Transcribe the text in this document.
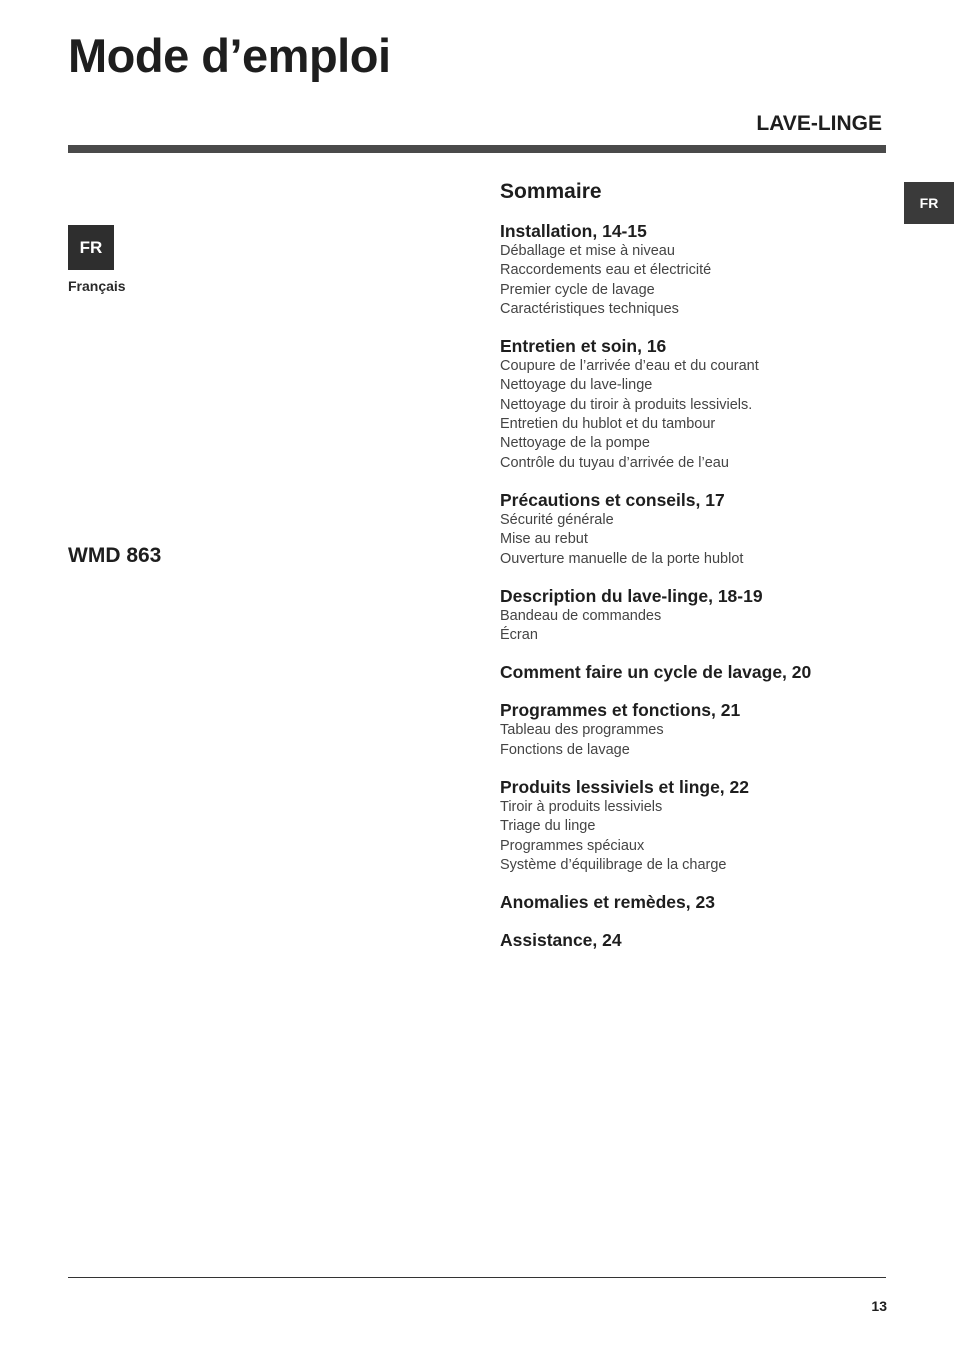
Mode d’emploi
LAVE-LINGE
FR
FR
Français
WMD 863
Sommaire
Installation, 14-15
Déballage et mise à niveau
Raccordements eau et électricité
Premier cycle de lavage
Caractéristiques techniques
Entretien et soin, 16
Coupure de l’arrivée d’eau et du courant
Nettoyage du lave-linge
Nettoyage du tiroir à produits lessiviels.
Entretien du hublot et du tambour
Nettoyage de la pompe
Contrôle du tuyau d’arrivée de l’eau
Précautions et conseils, 17
Sécurité générale
Mise au rebut
Ouverture manuelle de la porte hublot
Description du lave-linge, 18-19
Bandeau de commandes
Écran
Comment faire un cycle de lavage, 20
Programmes et fonctions, 21
Tableau des programmes
Fonctions de lavage
Produits lessiviels et linge, 22
Tiroir à produits lessiviels
Triage du linge
Programmes spéciaux
Système d’équilibrage de la charge
Anomalies et remèdes, 23
Assistance, 24
13
